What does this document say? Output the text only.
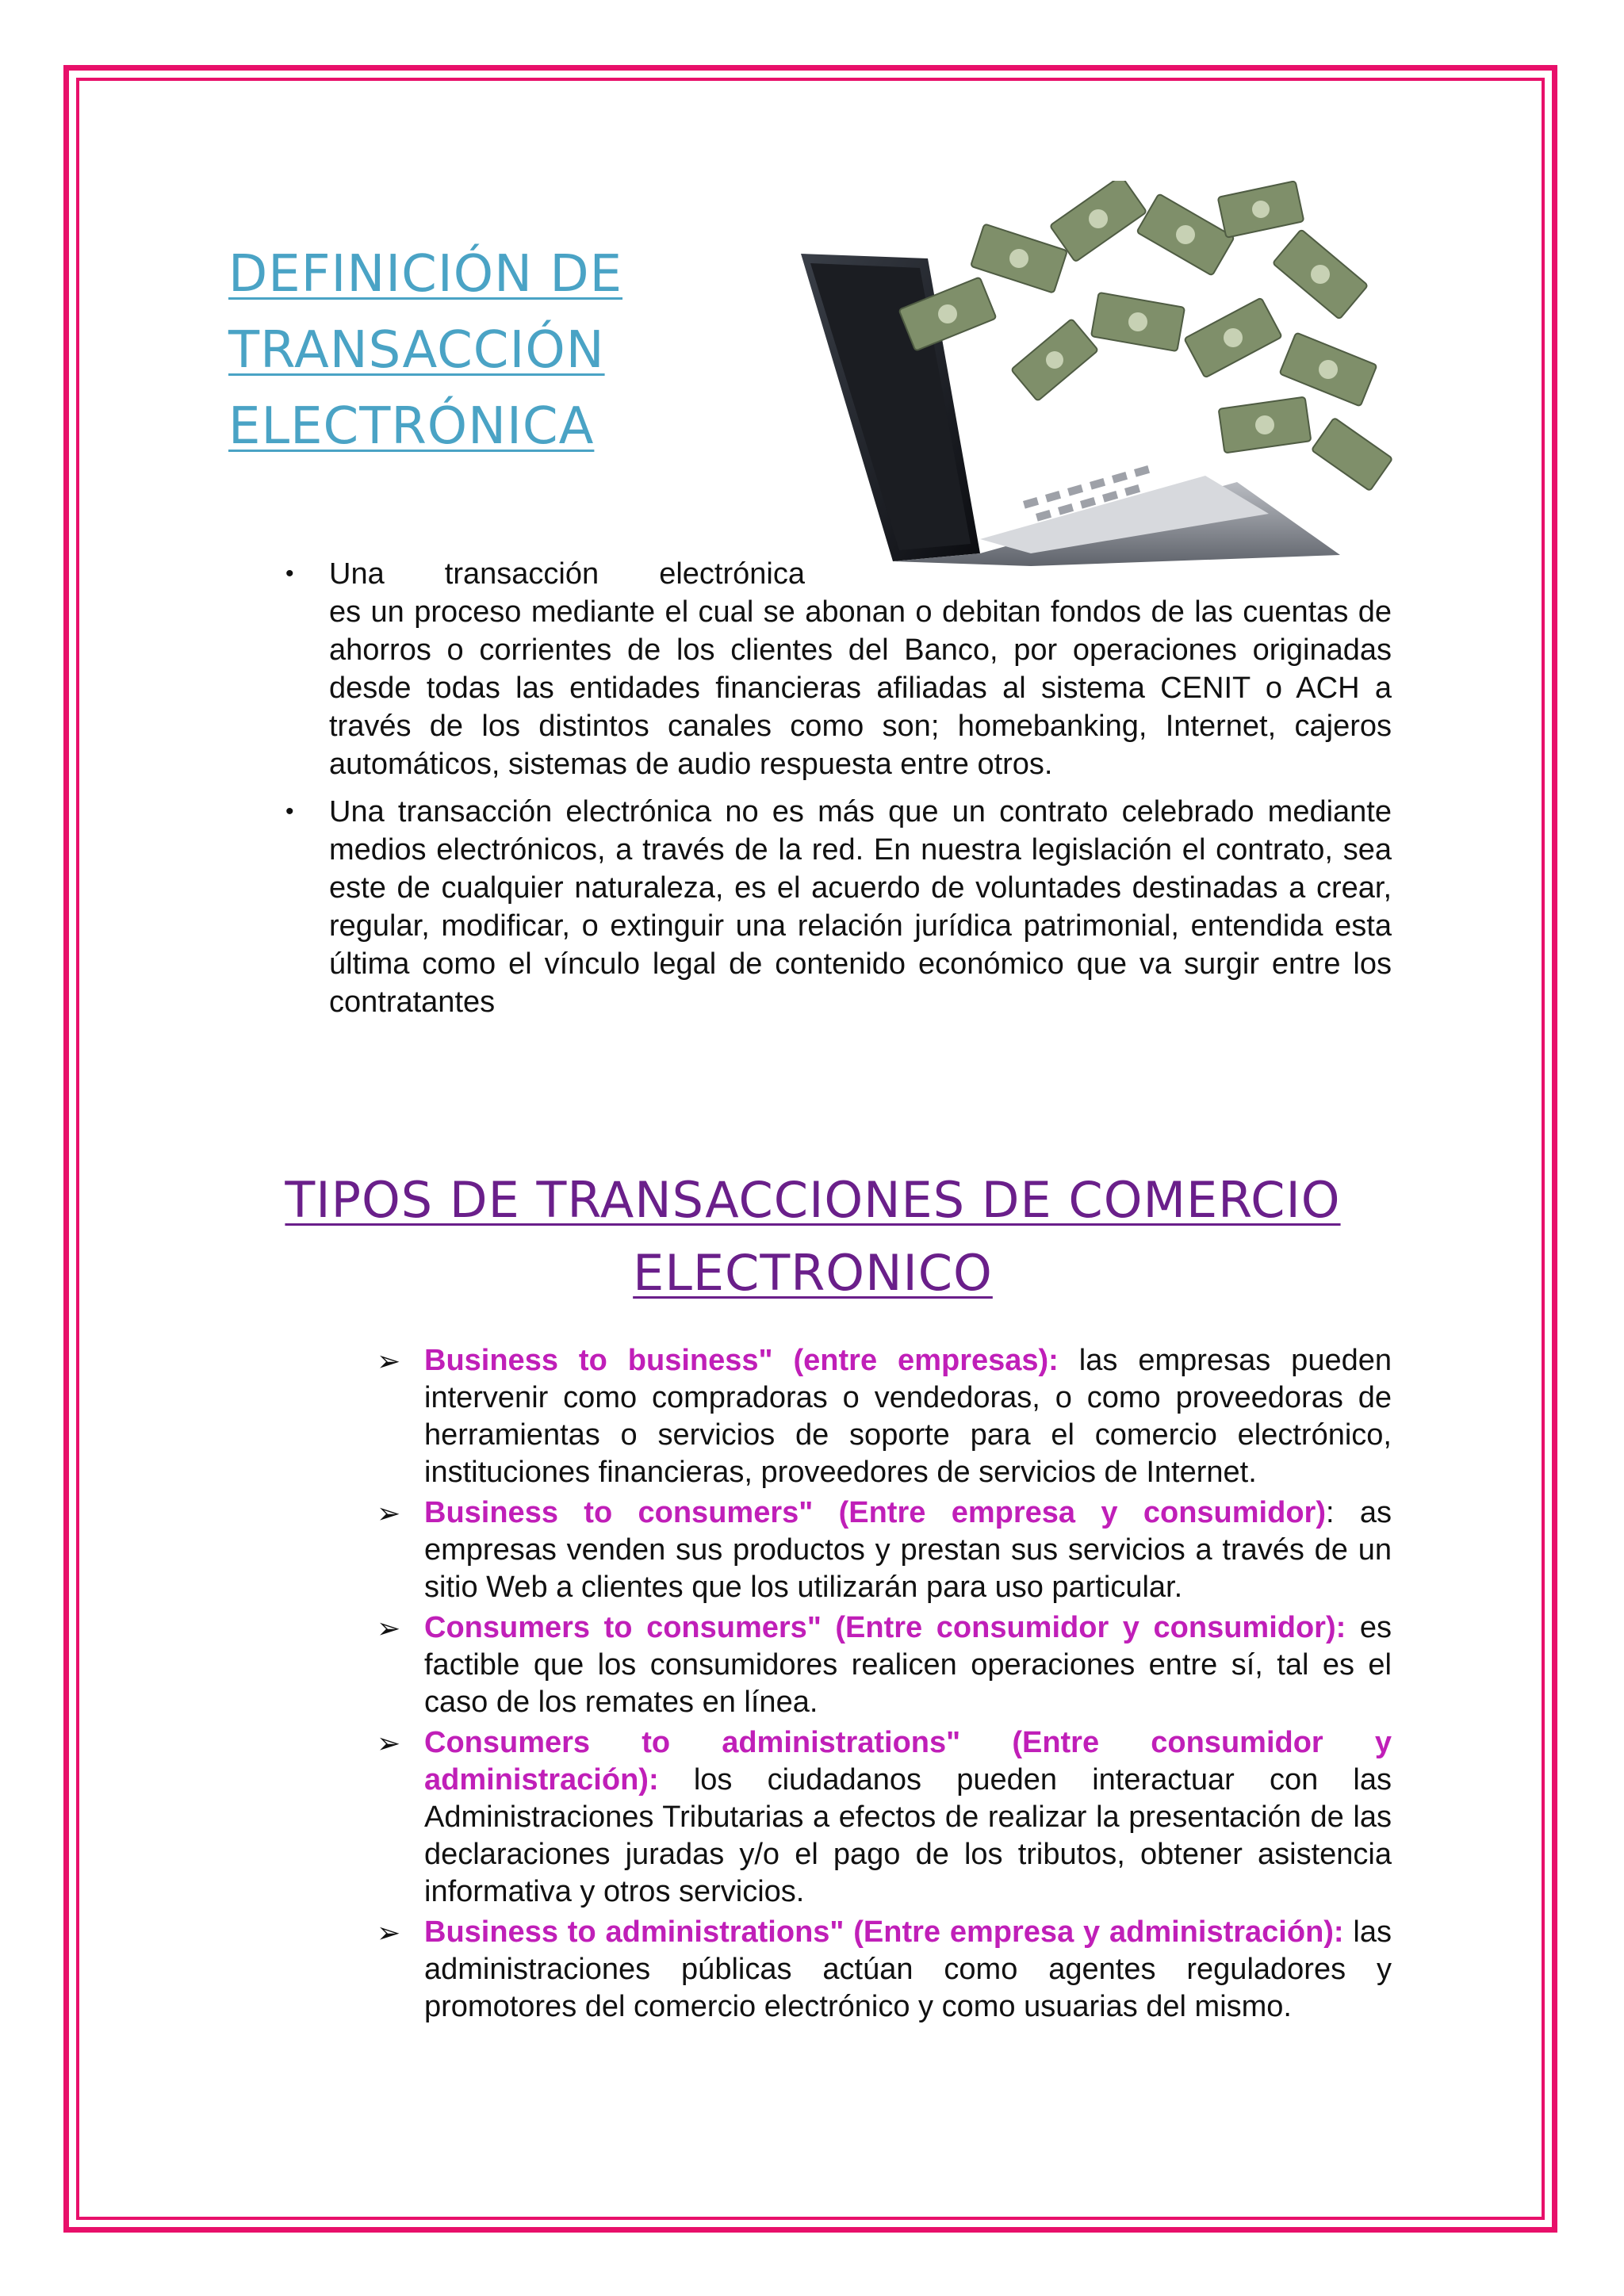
DEFINICIÓN DE
TRANSACCIÓN
ELECTRÓNICA
• Una transacción electrónica
es un proceso mediante el cual se abonan o debitan fondos de las cuentas de ahorros o corrientes de los clientes del Banco, por operaciones originadas desde todas las entidades financieras afiliadas al sistema CENIT o ACH a través de los distintos canales como son; homebanking, Internet, cajeros automáticos, sistemas de audio respuesta entre otros.
• Una transacción electrónica no es más que un contrato celebrado mediante medios electrónicos, a través de la red. En nuestra legislación el contrato, sea este de cualquier naturaleza, es el acuerdo de voluntades destinadas a crear, regular, modificar, o extinguir una relación jurídica patrimonial, entendida esta última como el vínculo legal de contenido económico que va surgir entre los contratantes
TIPOS DE TRANSACCIONES DE COMERCIO ELECTRONICO
➢ Business to business" (entre empresas): las empresas pueden intervenir como compradoras o vendedoras, o como proveedoras de herramientas o servicios de soporte para el comercio electrónico, instituciones financieras, proveedores de servicios de Internet.
➢ Business to consumers" (Entre empresa y consumidor): as empresas venden sus productos y prestan sus servicios a través de un sitio Web a clientes que los utilizarán para uso particular.
➢ Consumers to consumers" (Entre consumidor y consumidor): es factible que los consumidores realicen operaciones entre sí, tal es el caso de los remates en línea.
➢ Consumers to administrations" (Entre consumidor y administración): los ciudadanos pueden interactuar con las Administraciones Tributarias a efectos de realizar la presentación de las declaraciones juradas y/o el pago de los tributos, obtener asistencia informativa y otros servicios.
➢ Business to administrations" (Entre empresa y administración): las administraciones públicas actúan como agentes reguladores y promotores del comercio electrónico y como usuarias del mismo.
